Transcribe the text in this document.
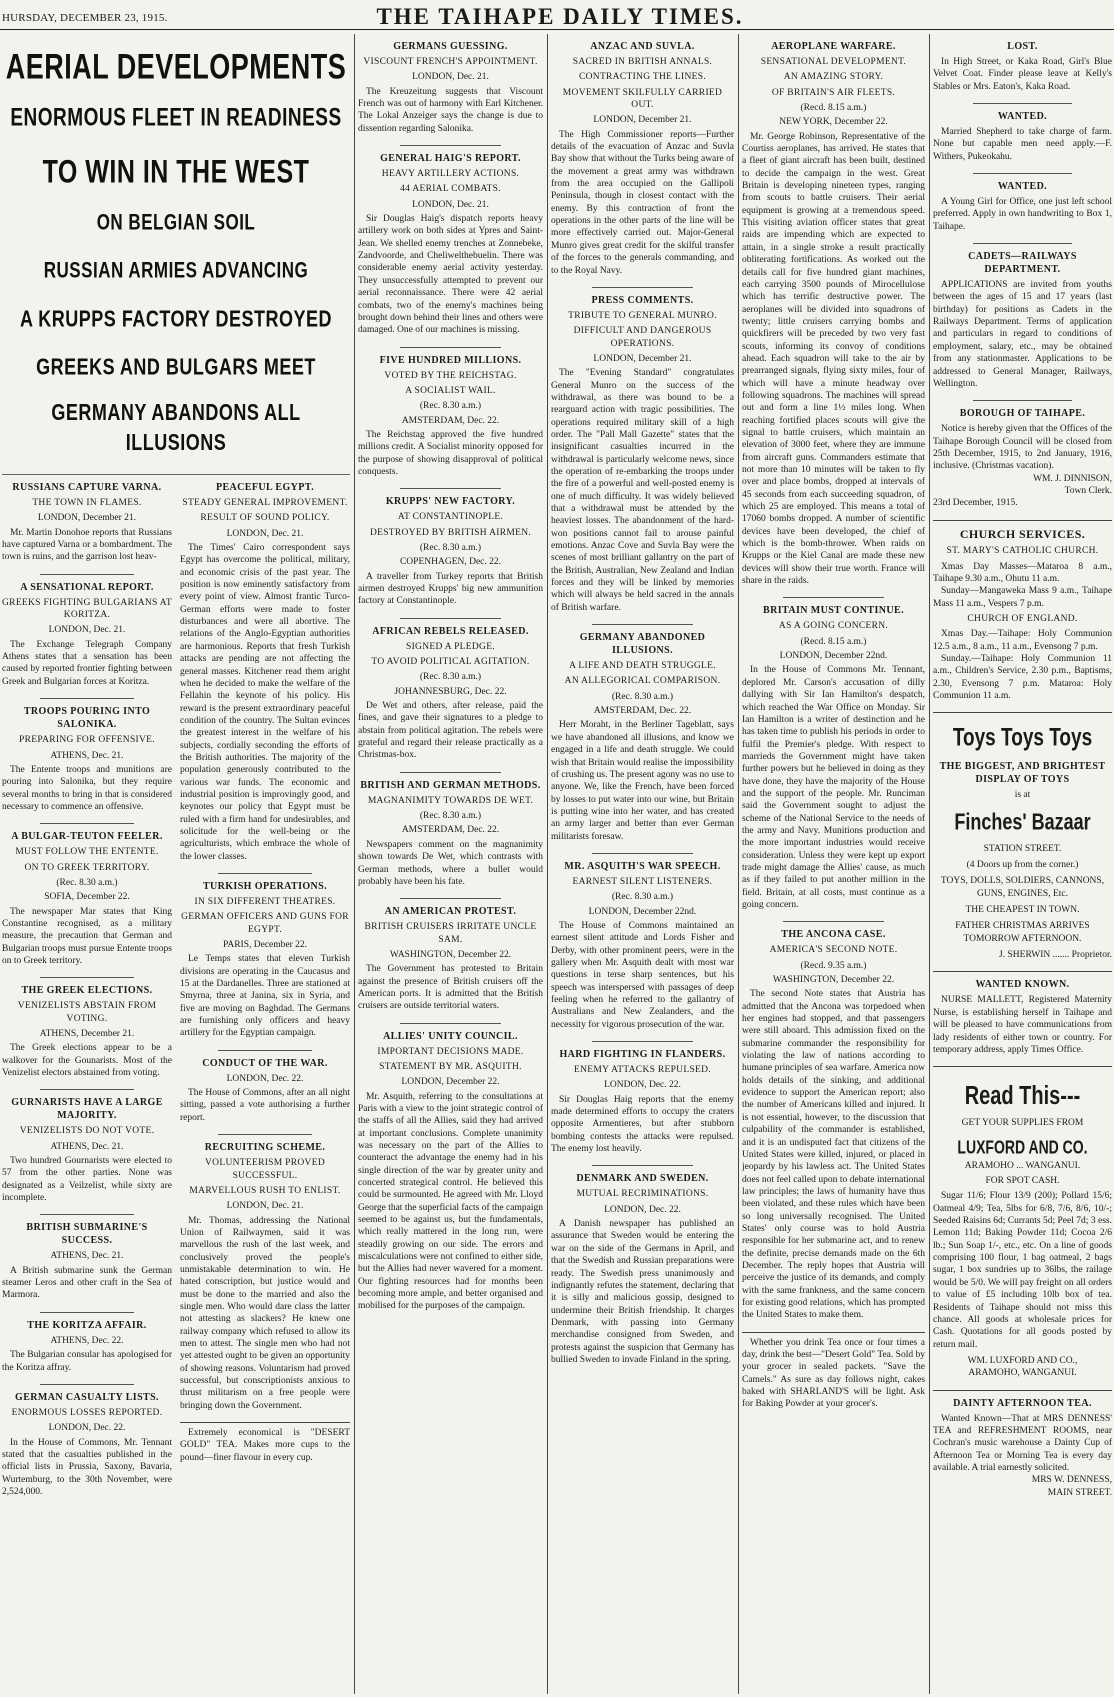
HURSDAY, DECEMBER 23, 1915.	THE TAIHAPE DAILY TIMES.
AERIAL DEVELOPMENTS
ENORMOUS FLEET IN READINESS
TO WIN IN THE WEST
ON BELGIAN SOIL
RUSSIAN ARMIES ADVANCING
A KRUPPS FACTORY DESTROYED
GREEKS AND BULGARS MEET
GERMANY ABANDONS ALL ILLUSIONS
RUSSIANS CAPTURE VARNA.
THE TOWN IN FLAMES.
LONDON, December 21.

Mr. Martin Donohoe reports that Russians have captured Varna or a bombardment. The town is ruins, and the garrison lost heav-

A SENSATIONAL REPORT.
GREEKS FIGHTING BULGARIANS AT KORITZA.
LONDON, Dec. 21.

The Exchange Telegraph Company Athens states that a sensation has been caused by reported frontier fighting between Greek and Bulgarian forces at Koritza.

TROOPS POURING INTO SALONIKA.
PREPARING FOR OFFENSIVE.
ATHENS, Dec. 21.

The Entente troops and munitions are pouring into Salonika, but they require several months to bring in that is considered necessary to commence an offensive.

A BULGAR-TEUTON FEELER.
MUST FOLLOW THE ENTENTE.
ON TO GREEK TERRITORY.
(Rec. 8.30 a.m.)
SOFIA, December 22.

The newspaper Mar states that King Constantine recognised, as a military measure, the precaution that German and Bulgarian troops must pursue Entente troops on to Greek territory.

THE GREEK ELECTIONS.
VENIZELISTS ABSTAIN FROM VOTING.
ATHENS, December 21.

The Greek elections appear to be a walkover for the Gounarists. Most of the Venizelist electors abstained from voting.

GURNARISTS HAVE A LARGE MAJORITY.
VENIZELISTS DO NOT VOTE.
ATHENS, Dec. 21.

Two hundred Gournarists were elected to 57 from the other parties. None was designated as a Veilzelist, while sixty are incomplete.

BRITISH SUBMARINE'S SUCCESS.
ATHENS, Dec. 21.

A British submarine sunk the German steamer Leros and other craft in the Sea of Marmora.

THE KORITZA AFFAIR.
ATHENS, Dec. 22.

The Bulgarian consular has apologised for the Koritza affray.

GERMAN CASUALTY LISTS.
ENORMOUS LOSSES REPORTED.
LONDON, Dec. 22.

In the House of Commons, Mr. Tennant stated that the casualties published in the official lists in Prussia, Saxony, Bavaria, Wurtemburg, to the 30th November, were 2,524,000.

PEACEFUL EGYPT.
STEADY GENERAL IMPROVEMENT.
RESULT OF SOUND POLICY.
LONDON, Dec. 21.

The Times' Cairo correspondent says Egypt has overcome the political, military, and economic crisis of the past year. The position is now eminently satisfactory from every point of view. Almost frantic Turco-German efforts were made to foster disturbances and were all abortive. The relations of the Anglo-Egyptian authorities are harmonious. Reports that fresh Turkish attacks are pending are not affecting the general masses. Kitchener read them aright when he decided to make the welfare of the Fellahin the keynote of his policy. His reward is the present extraordinary peaceful condition of the country. The Sultan evinces the greatest interest in the welfare of his subjects, cordially seconding the efforts of the British authorities. The majority of the population generously contributed to the various war funds. The economic and industrial position is improvingly good, and keynotes our policy that Egypt must be ruled with a firm hand for undesirables, and solicitude for the well-being or the agriculturists, which embrace the whole of the lower classes.

TURKISH OPERATIONS.
IN SIX DIFFERENT THEATRES.
GERMAN OFFICERS AND GUNS FOR EGYPT.
PARIS, December 22.

Le Temps states that eleven Turkish divisions are operating in the Caucasus and 15 at the Dardanelles. Three are stationed at Smyrna, three at Janina, six in Syria, and five are moving on Baghdad. The Germans are furnishing only officers and heavy artillery for the Egyptian campaign.

CONDUCT OF THE WAR.
LONDON, Dec. 22.

The House of Commons, after an all night sitting, passed a vote authorising a further report.

RECRUITING SCHEME.
VOLUNTEERISM PROVED SUCCESSFUL.
MARVELLOUS RUSH TO ENLIST.
LONDON, Dec. 21.

Mr. Thomas, addressing the National Union of Railwaymen, said it was marvellous the rush of the last week, and conclusively proved the people's unmistakable determination to win. He hated conscription, but justice would and must be done to the married and also the single men. Who would dare class the latter not attesting as slackers? He knew one railway company which refused to allow its men to attest. The single men who had not yet attested ought to be given an opportunity of showing reasons. Voluntarism had proved successful, but conscriptionists anxious to thrust militarism on a free people were bringing down the Government.

Extremely economical is "DESERT GOLD" TEA. Makes more cups to the pound—finer flavour in every cup.

GERMANS GUESSING.
VISCOUNT FRENCH'S APPOINTMENT.
LONDON, Dec. 21.

The Kreuzeitung suggests that Viscount French was out of harmony with Earl Kitchener. The Lokal Anzeiger says the change is due to dissention regarding Salonika.

GENERAL HAIG'S REPORT.
HEAVY ARTILLERY ACTIONS.
44 AERIAL COMBATS.
LONDON, Dec. 21.

Sir Douglas Haig's dispatch reports heavy artillery work on both sides at Ypres and Saint-Jean. We shelled enemy trenches at Zonnebeke, Zandvoorde, and Cheliwelthebuelin. There was considerable enemy aerial activity yesterday. They unsuccessfully attempted to prevent our aerial reconnaissance. There were 42 aerial combats, two of the enemy's machines being brought down behind their lines and others were damaged. One of our machines is missing.

FIVE HUNDRED MILLIONS.
VOTED BY THE REICHSTAG.
A SOCIALIST WAIL.
(Rec. 8.30 a.m.)
AMSTERDAM, Dec. 22.

The Reichstag approved the five hundred millions credit. A Socialist minority opposed for the purpose of showing disapproval of political conquests.

KRUPPS' NEW FACTORY.
AT CONSTANTINOPLE.
DESTROYED BY BRITISH AIRMEN.
(Rec. 8.30 a.m.)
COPENHAGEN, Dec. 22.

A traveller from Turkey reports that British airmen destroyed Krupps' big new ammunition factory at Constantinople.

AFRICAN REBELS RELEASED.
SIGNED A PLEDGE.
TO AVOID POLITICAL AGITATION.
(Rec. 8.30 a.m.)
JOHANNESBURG, Dec. 22.

De Wet and others, after release, paid the fines, and gave their signatures to a pledge to abstain from political agitation. The rebels were grateful and regard their release practically as a Christmas-box.

BRITISH AND GERMAN METHODS.
MAGNANIMITY TOWARDS DE WET.
(Rec. 8.30 a.m.)
AMSTERDAM, Dec. 22.

Newspapers comment on the magnanimity shown towards De Wet, which contrasts with German methods, where a bullet would probably have been his fate.

AN AMERICAN PROTEST.
BRITISH CRUISERS IRRITATE UNCLE SAM.
WASHINGTON, December 22.

The Government has protested to Britain against the presence of British cruisers off the American ports. It is admitted that the British cruisers are outside territorial waters.

ALLIES' UNITY COUNCIL.
IMPORTANT DECISIONS MADE.
STATEMENT BY MR. ASQUITH.
LONDON, December 22.

Mr. Asquith, referring to the consultations at Paris with a view to the joint strategic control of the staffs of all the Allies, said they had arrived at important conclusions. Complete unanimity was necessary on the part of the Allies to counteract the advantage the enemy had in his single direction of the war by greater unity and concerted strategical control. He believed this could be surmounted. He agreed with Mr. Lloyd George that the superficial facts of the campaign seemed to be against us, but the fundamentals, which really mattered in the long run, were steadily growing on our side. The errors and miscalculations were not confined to either side, but the Allies had never wavered for a moment. Our fighting resources had for months been becoming more ample, and better organised and mobilised for the purposes of the campaign.

ANZAC AND SUVLA.
SACRED IN BRITISH ANNALS.
CONTRACTING THE LINES.
MOVEMENT SKILFULLY CARRIED OUT.
LONDON, December 21.

The High Commissioner reports—Further details of the evacuation of Anzac and Suvla Bay show that without the Turks being aware of the movement a great army was withdrawn from the area occupied on the Gallipoli Peninsula, though in closest contact with the enemy. By this contraction of front the operations in the other parts of the line will be more effectively carried out. Major-General Munro gives great credit for the skilful transfer of the forces to the generals commanding, and to the Royal Navy.

PRESS COMMENTS.
TRIBUTE TO GENERAL MUNRO.
DIFFICULT AND DANGEROUS OPERATIONS.
LONDON, December 21.

The "Evening Standard" congratulates General Munro on the success of the withdrawal, as there was bound to be a rearguard action with tragic possibilities. The operations required military skill of a high order. The "Pall Mall Gazette" states that the insignificant casualties incurred in the withdrawal is particularly welcome news, since the operation of re-embarking the troops under the fire of a powerful and well-posted enemy is one of much difficulty. It was widely believed that a withdrawal must be attended by the heaviest losses. The abandonment of the hard-won positions cannot fail to arouse painful emotions. Anzac Cove and Suvla Bay were the scenes of most brilliant gallantry on the part of the British, Australian, New Zealand and Indian forces and they will be linked by memories which will always be held sacred in the annals of British warfare.

GERMANY ABANDONED ILLUSIONS.
A LIFE AND DEATH STRUGGLE.
AN ALLEGORICAL COMPARISON.
(Rec. 8.30 a.m.)
AMSTERDAM, Dec. 22.

Herr Moraht, in the Berliner Tageblatt, says we have abandoned all illusions, and know we engaged in a life and death struggle. We could wish that Britain would realise the impossibility of crushing us. The present agony was no use to anyone. We, like the French, have been forced by losses to put water into our wine, but Britain is putting wine into her water, and has created an army larger and better than ever German militarists foresaw.

MR. ASQUITH'S WAR SPEECH.
EARNEST SILENT LISTENERS.
(Rec. 8.30 a.m.)
LONDON, December 22nd.

The House of Commons maintained an earnest silent attitude and Lords Fisher and Derby, with other prominent peers, were in the gallery when Mr. Asquith dealt with most war questions in terse sharp sentences, but his speech was interspersed with passages of deep feeling when he referred to the gallantry of Australians and New Zealanders, and the necessity for vigorous prosecution of the war.

HARD FIGHTING IN FLANDERS.
ENEMY ATTACKS REPULSED.
LONDON, Dec. 22.

Sir Douglas Haig reports that the enemy made determined efforts to occupy the craters opposite Armentieres, but after stubborn bombing contests the attacks were repulsed. The enemy lost heavily.

DENMARK AND SWEDEN.
MUTUAL RECRIMINATIONS.
LONDON, Dec. 22.

A Danish newspaper has published an assurance that Sweden would be entering the war on the side of the Germans in April, and that the Swedish and Russian preparations were ready. The Swedish press unanimously and indignantly refutes the statement, declaring that it is silly and malicious gossip, designed to undermine their British friendship. It charges Denmark, with passing into Germany merchandise consigned from Sweden, and protests against the suspicion that Germany has bullied Sweden to invade Finland in the spring.

AEROPLANE WARFARE.
SENSATIONAL DEVELOPMENT.
AN AMAZING STORY.
OF BRITAIN'S AIR FLEETS.
(Recd. 8.15 a.m.)
NEW YORK, December 22.

Mr. George Robinson, Representative of the Courtiss aeroplanes, has arrived. He states that a fleet of giant aircraft has been built, destined to decide the campaign in the west. Great Britain is developing nineteen types, ranging from scouts to battle cruisers. Their aerial equipment is growing at a tremendous speed. This visiting aviation officer states that great raids are impending which are expected to attain, in a single stroke a result practically obliterating fortifications. As worked out the details call for five hundred giant machines, each carrying 3500 pounds of Mirocellulose which has terrific destructive power. The aeroplanes will be divided into squadrons of twenty; little cruisers carrying bombs and quickfirers will be preceded by two very fast scouts, informing its convoy of conditions ahead. Each squadron will take to the air by prearranged signals, flying sixty miles, four of which will have a minute headway over following squadrons. The machines will spread out and form a line 1½ miles long. When reaching fortified places scouts will give the signal to battle cruisers, which maintain an elevation of 3000 feet, where they are immune from aircraft guns. Commanders estimate that not more than 10 minutes will be taken to fly over and place bombs, dropped at intervals of 45 seconds from each succeeding squadron, of which 25 are employed. This means a total of 17060 bombs dropped. A number of scientific devices have been developed, the chief of which is the bomb-thrower. When raids on Krupps or the Kiel Canal are made these new devices will show their true worth. France will share in the raids.

BRITAIN MUST CONTINUE.
AS A GOING CONCERN.
(Recd. 8.15 a.m.)
LONDON, December 22nd.

In the House of Commons Mr. Tennant, deplored Mr. Carson's accusation of dilly dallying with Sir Ian Hamilton's despatch, which reached the War Office on Monday. Sir Ian Hamilton is a writer of destinction and he has taken time to publish his periods in order to fulfil the Premier's pledge. With respect to marrieds the Government might have taken further powers but he believed in doing as they have done, they have the majority of the House and the support of the people. Mr. Runciman said the Government sought to adjust the scheme of the National Service to the needs of the army and Navy. Munitions production and the more important industries would receive consideration. Unless they were kept up export trade might damage the Allies' cause, as much as if they failed to put another million in the field. Britain, at all costs, must continue as a going concern.

THE ANCONA CASE.
AMERICA'S SECOND NOTE.
(Recd. 9.35 a.m.)
WASHINGTON, December 22.

The second Note states that Austria has admitted that the Ancona was torpedoed when her engines had stopped, and that passengers were still aboard. This admission fixed on the submarine commander the responsibility for violating the law of nations according to humane principles of sea warfare. America now holds details of the sinking, and additional evidence to support the American report; also the number of Americans killed and injured. It is not essential, however, to the discussion that culpability of the commander is established, and it is an undisputed fact that citizens of the United States were killed, injured, or placed in jeopardy by his lawless act. The United States does not feel called upon to debate international law principles; the laws of humanity have thus been violated, and these rules which have been so long universally recognised. The United States' only course was to hold Austria responsible for her submarine act, and to renew the definite, precise demands made on the 6th December. The reply hopes that Austria will perceive the justice of its demands, and comply with the same frankness, and the same concern for existing good relations, which has prompted the United States to make them.

Whether you drink Tea once or four times a day, drink the best—"Desert Gold" Tea. Sold by your grocer in sealed packets. "Save the Camels." As sure as day follows night, cakes baked with SHARLAND'S will be light. Ask for Baking Powder at your grocer's.

LOST.

In High Street, or Kaka Road, Girl's Blue Velvet Coat. Finder please leave at Kelly's Stables or Mrs. Eaton's, Kaka Road.

WANTED.

Married Shepherd to take charge of farm. None but capable men need apply.—F. Withers, Pukeokahu.

WANTED.

A Young Girl for Office, one just left school preferred. Apply in own handwriting to Box 1, Taihape.

CADETS—RAILWAYS DEPARTMENT.

APPLICATIONS are invited from youths between the ages of 15 and 17 years (last birthday) for positions as Cadets in the Railways Department. Terms of application and particulars in regard to conditions of employment, salary, etc., may be obtained from any stationmaster. Applications to be addressed to General Manager, Railways, Wellington.

BOROUGH OF TAIHAPE.

Notice is hereby given that the Offices of the Taihape Borough Council will be closed from 25th December, 1915, to 2nd January, 1916, inclusive. (Christmas vacation).

WM. J. DINNISON,
Town Clerk.
23rd December, 1915.
CHURCH SERVICES.
ST. MARY'S CATHOLIC CHURCH.

Xmas Day Masses—Mataroa 8 a.m., Taihape 9.30 a.m., Ohutu 11 a.m.

Sunday—Mangaweka Mass 9 a.m., Taihape Mass 11 a.m., Vespers 7 p.m.

CHURCH OF ENGLAND.

Xmas Day.—Taihape: Holy Communion 12.5 a.m., 8 a.m., 11 a.m., Evensong 7 p.m.

Sunday.—Taihape: Holy Communion 11 a.m., Children's Service, 2.30 p.m., Baptisms, 2.30, Evensong 7 p.m. Mataroa: Holy Communion 11 a.m.

Toys Toys Toys
THE BIGGEST, AND BRIGHTEST DISPLAY OF TOYS
is at
Finches' Bazaar
STATION STREET.
(4 Doors up from the corner.)
TOYS, DOLLS, SOLDIERS, CANNONS, GUNS, ENGINES, Etc.
THE CHEAPEST IN TOWN.
FATHER CHRISTMAS ARRIVES TOMORROW AFTERNOON.
J. SHERWIN ....... Proprietor.
WANTED KNOWN.

NURSE MALLETT, Registered Maternity Nurse, is establishing herself in Taihape and will be pleased to have communications from lady residents of either town or country. For temporary address, apply Times Office.

Read This---
GET YOUR SUPPLIES FROM
LUXFORD AND CO.
ARAMOHO ... WANGANUI.
FOR SPOT CASH.

Sugar 11/6; Flour 13/9 (200); Pollard 15/6; Oatmeal 4/9; Tea, 5lbs for 6/8, 7/6, 8/6, 10/-; Seeded Raisins 6d; Currants 5d; Peel 7d; 3 ess. Lemon 11d; Baking Powder 11d; Cocoa 2/6 lb.; Sun Soap 1/-, etc., etc. On a line of goods comprising 100 flour, 1 bag oatmeal, 2 bags sugar, 1 box sundries up to 36lbs, the railage would be 5/0. We will pay freight on all orders to value of £5 including 10lb box of tea. Residents of Taihape should not miss this chance. All goods at wholesale prices for Cash. Quotations for all goods posted by return mail.

WM. LUXFORD AND CO.,
ARAMOHO, WANGANUI.
DAINTY AFTERNOON TEA.

Wanted Known—That at MRS DENNESS' TEA and REFRESHMENT ROOMS, near Cochran's music warehouse a Dainty Cup of Afternoon Tea or Morning Tea is every day available. A trial earnestly solicited.

MRS W. DENNESS,
MAIN STREET.
